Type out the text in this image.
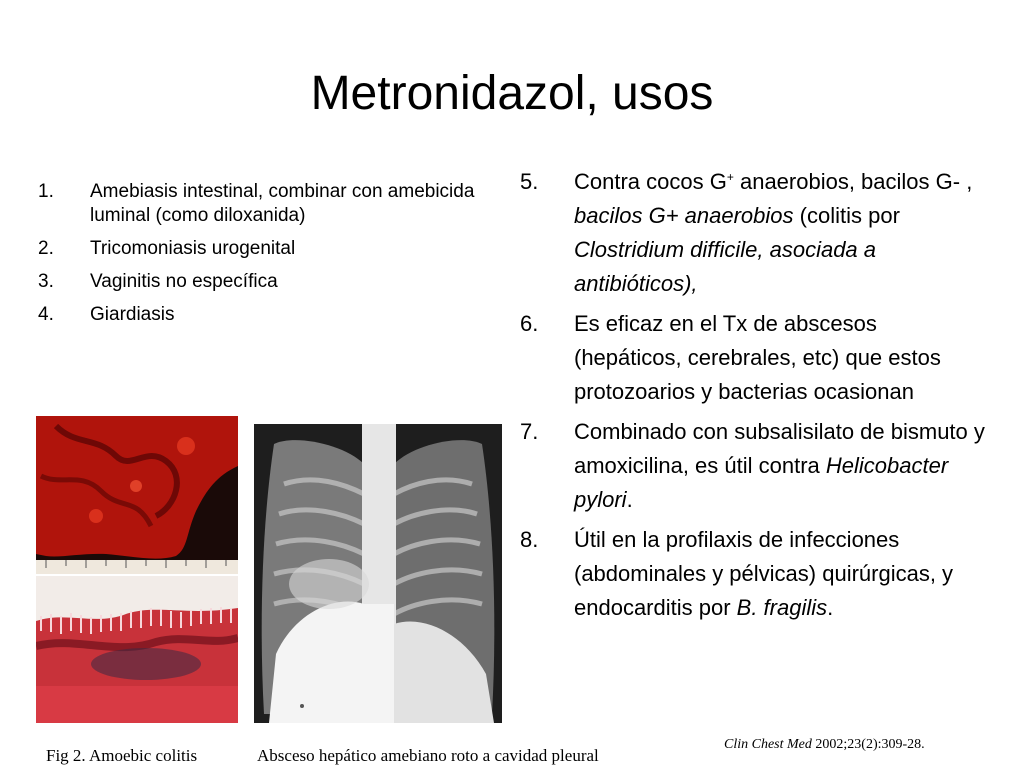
Metronidazol, usos
1.	Amebiasis intestinal, combinar con amebicida luminal (como diloxanida)
2.	Tricomoniasis urogenital
3.	Vaginitis no específica
4.	Giardiasis
5.	Contra cocos G+ anaerobios, bacilos G- , bacilos G+ anaerobios (colitis por Clostridium difficile, asociada a antibióticos),
6.	Es eficaz en el Tx de abscesos (hepáticos, cerebrales, etc) que estos protozoarios y bacterias ocasionan
7.	Combinado con subsalisilato de bismuto y amoxicilina, es útil contra Helicobacter pylori.
8.	Útil en la profilaxis de infecciones (abdominales y pélvicas) quirúrgicas, y endocarditis por B. fragilis.
Fig 2. Amoebic colitis	Absceso hepático amebiano roto a cavidad pleural
Clin Chest Med 2002;23(2):309-28.
